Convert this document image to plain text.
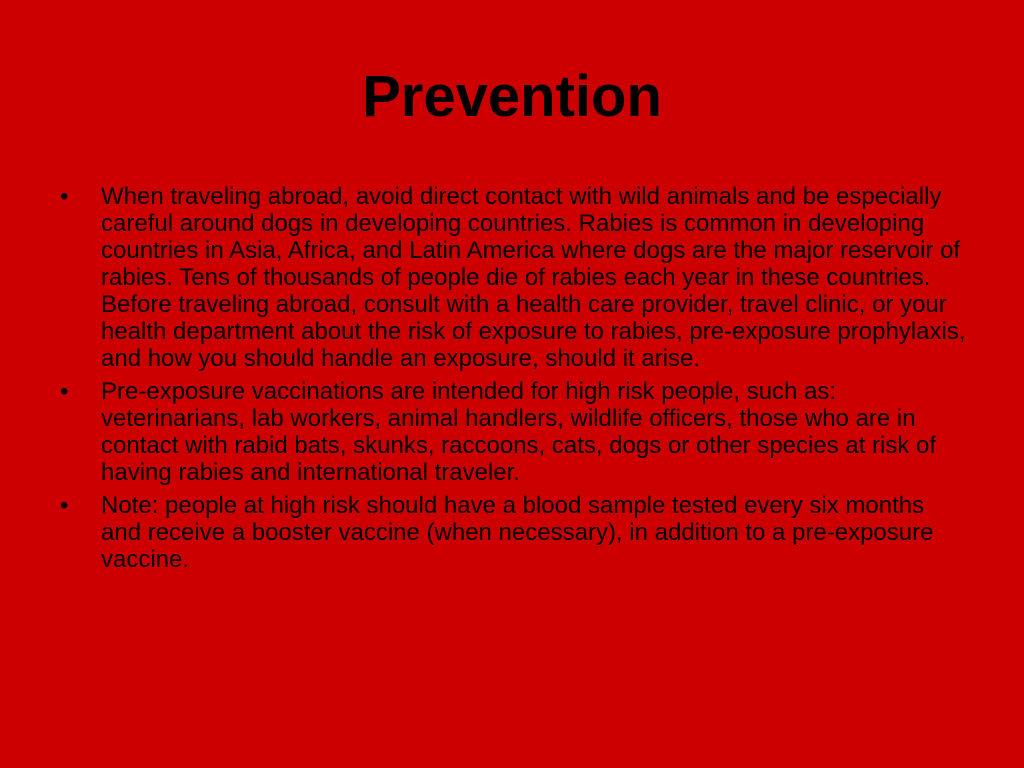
Prevention
•	When traveling abroad, avoid direct contact with wild animals and be especially careful around dogs in developing countries. Rabies is common in developing countries in Asia, Africa, and Latin America where dogs are the major reservoir of rabies. Tens of thousands of people die of rabies each year in these countries. Before traveling abroad, consult with a health care provider, travel clinic, or your health department about the risk of exposure to rabies, pre-exposure prophylaxis, and how you should handle an exposure, should it arise.
•	Pre-exposure vaccinations are intended for high risk people, such as: veterinarians, lab workers, animal handlers, wildlife officers, those who are in contact with rabid bats, skunks, raccoons, cats, dogs or other species at risk of having rabies and international traveler.
•	Note: people at high risk should have a blood sample tested every six months and receive a booster vaccine (when necessary), in addition to a pre-exposure vaccine.
